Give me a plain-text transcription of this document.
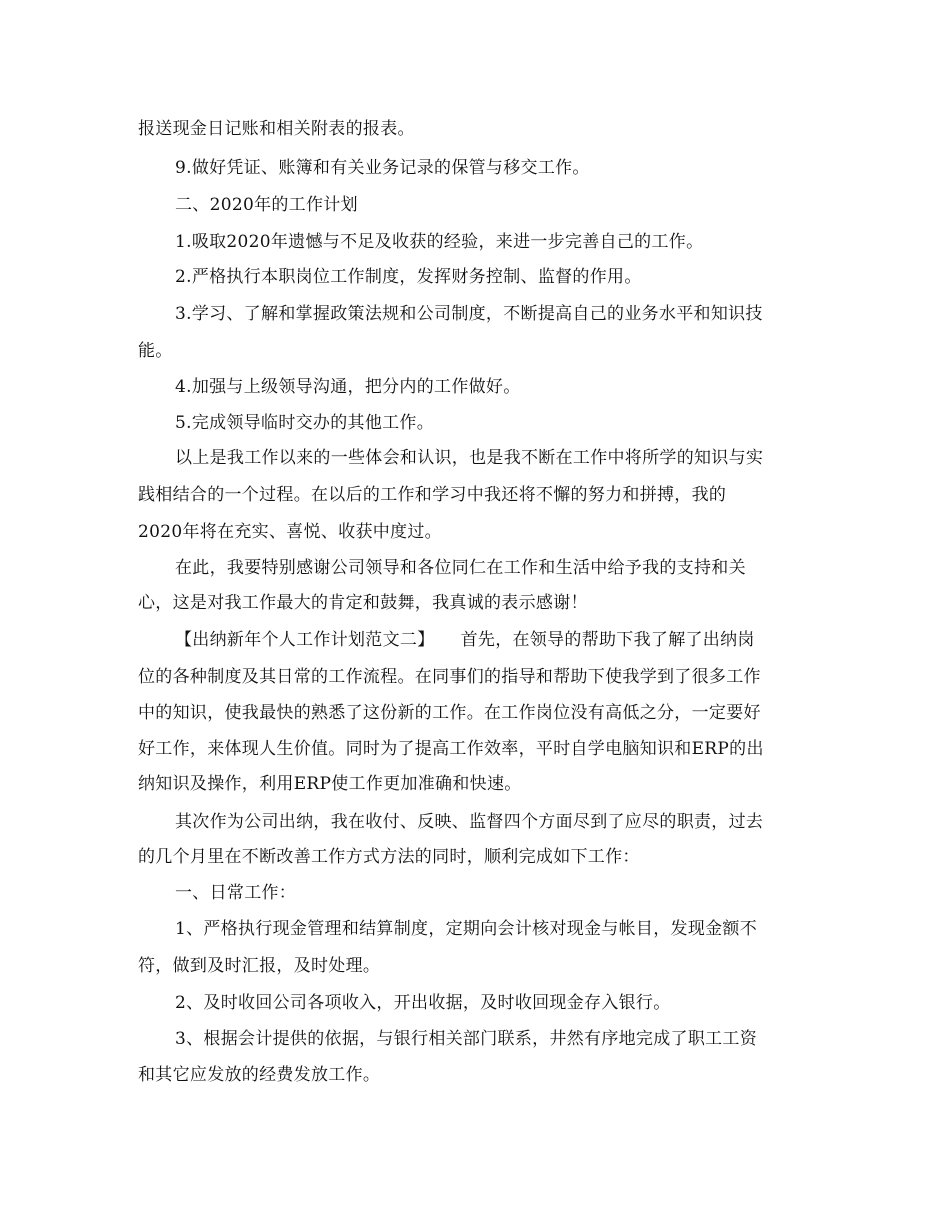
报送现金日记账和相关附表的报表。
9.做好凭证、账簿和有关业务记录的保管与移交工作。
二、2020年的工作计划
1.吸取2020年遗憾与不足及收获的经验，来进一步完善自己的工作。
2.严格执行本职岗位工作制度，发挥财务控制、监督的作用。
3.学习、了解和掌握政策法规和公司制度，不断提高自己的业务水平和知识技
能。
4.加强与上级领导沟通，把分内的工作做好。
5.完成领导临时交办的其他工作。
以上是我工作以来的一些体会和认识，也是我不断在工作中将所学的知识与实
践相结合的一个过程。在以后的工作和学习中我还将不懈的努力和拼搏，我的
2020年将在充实、喜悦、收获中度过。
在此，我要特别感谢公司领导和各位同仁在工作和生活中给予我的支持和关
心，这是对我工作最大的肯定和鼓舞，我真诚的表示感谢！
【出纳新年个人工作计划范文二】　　首先，在领导的帮助下我了解了出纳岗
位的各种制度及其日常的工作流程。在同事们的指导和帮助下使我学到了很多工作
中的知识，使我最快的熟悉了这份新的工作。在工作岗位没有高低之分，一定要好
好工作，来体现人生价值。同时为了提高工作效率，平时自学电脑知识和ERP的出
纳知识及操作，利用ERP使工作更加准确和快速。
其次作为公司出纳，我在收付、反映、监督四个方面尽到了应尽的职责，过去
的几个月里在不断改善工作方式方法的同时，顺利完成如下工作：
一、日常工作：
1、严格执行现金管理和结算制度，定期向会计核对现金与帐目，发现金额不
符，做到及时汇报，及时处理。
2、及时收回公司各项收入，开出收据，及时收回现金存入银行。
3、根据会计提供的依据，与银行相关部门联系，井然有序地完成了职工工资
和其它应发放的经费发放工作。
